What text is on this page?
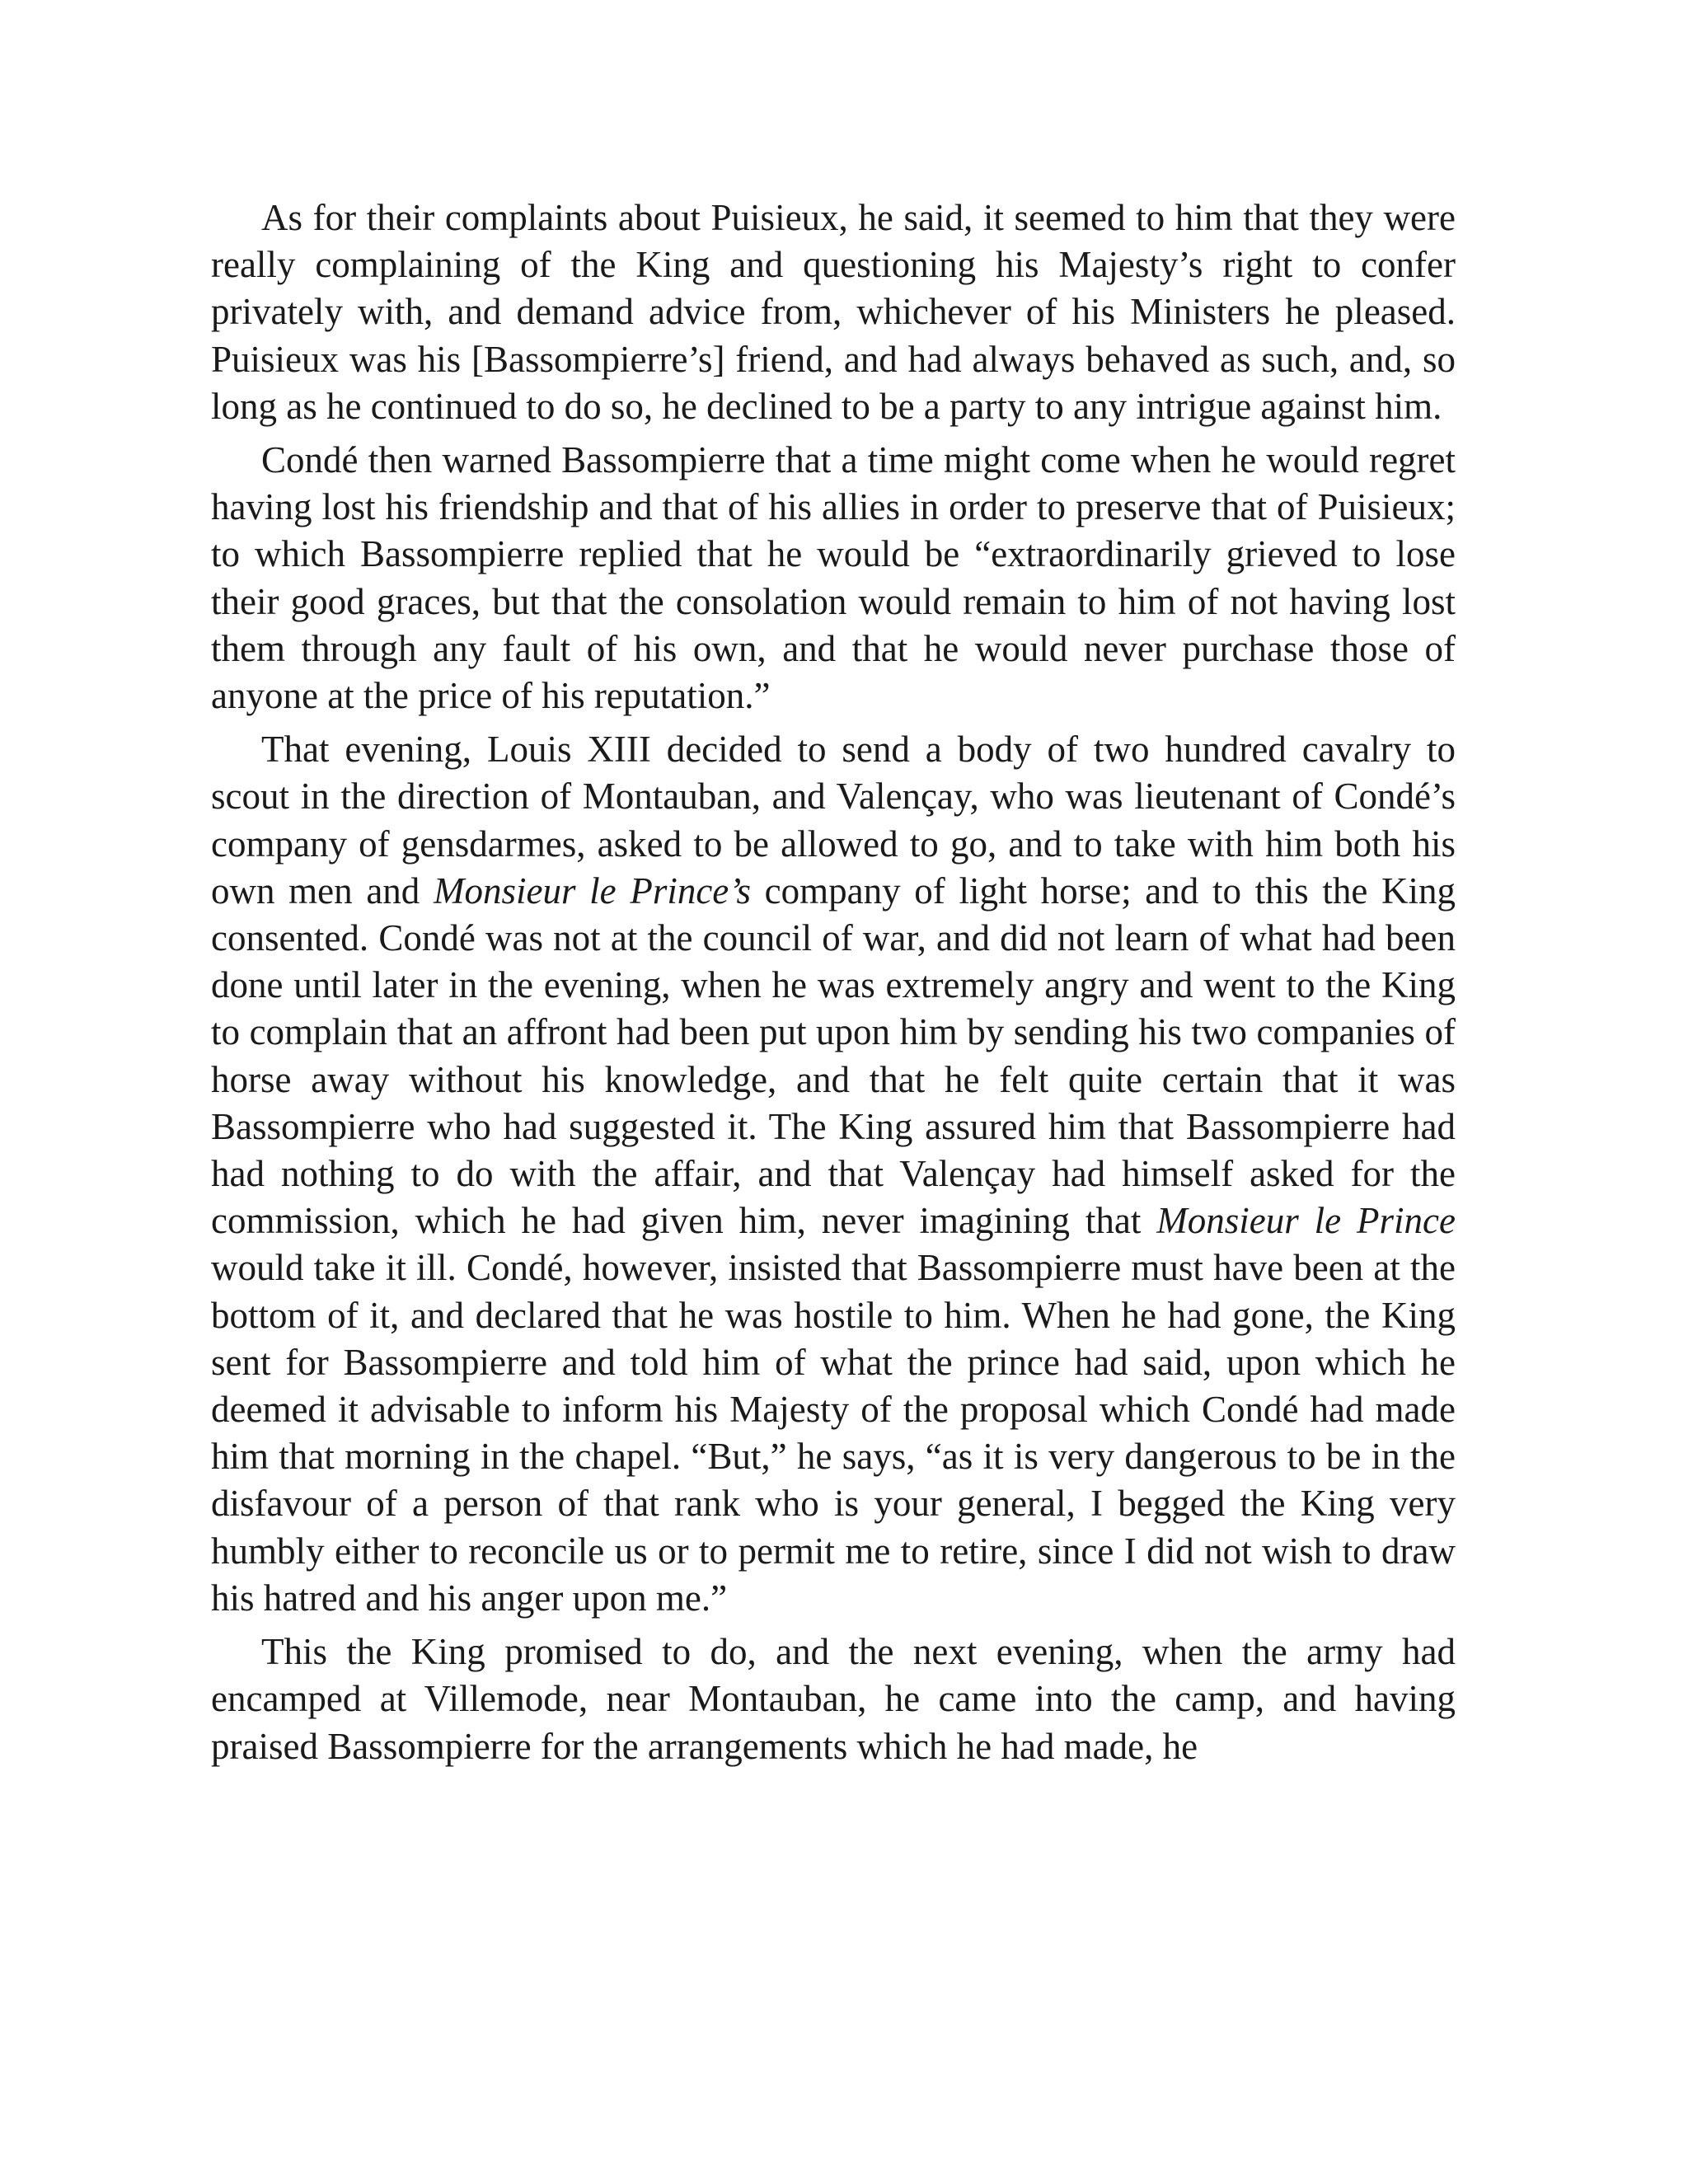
As for their complaints about Puisieux, he said, it seemed to him that they were really complaining of the King and questioning his Majesty’s right to confer privately with, and demand advice from, whichever of his Ministers he pleased. Puisieux was his [Bassompierre’s] friend, and had always behaved as such, and, so long as he continued to do so, he declined to be a party to any intrigue against him.

Condé then warned Bassompierre that a time might come when he would regret having lost his friendship and that of his allies in order to preserve that of Puisieux; to which Bassompierre replied that he would be “extraordinarily grieved to lose their good graces, but that the consolation would remain to him of not having lost them through any fault of his own, and that he would never purchase those of anyone at the price of his reputation.”

That evening, Louis XIII decided to send a body of two hundred cavalry to scout in the direction of Montauban, and Valençay, who was lieutenant of Condé’s company of gensdarmes, asked to be allowed to go, and to take with him both his own men and Monsieur le Prince’s company of light horse; and to this the King consented. Condé was not at the council of war, and did not learn of what had been done until later in the evening, when he was extremely angry and went to the King to complain that an affront had been put upon him by sending his two companies of horse away without his knowledge, and that he felt quite certain that it was Bassompierre who had suggested it. The King assured him that Bassompierre had had nothing to do with the affair, and that Valençay had himself asked for the commission, which he had given him, never imagining that Monsieur le Prince would take it ill. Condé, however, insisted that Bassompierre must have been at the bottom of it, and declared that he was hostile to him. When he had gone, the King sent for Bassompierre and told him of what the prince had said, upon which he deemed it advisable to inform his Majesty of the proposal which Condé had made him that morning in the chapel. “But,” he says, “as it is very dangerous to be in the disfavour of a person of that rank who is your general, I begged the King very humbly either to reconcile us or to permit me to retire, since I did not wish to draw his hatred and his anger upon me.”

This the King promised to do, and the next evening, when the army had encamped at Villemode, near Montauban, he came into the camp, and having praised Bassompierre for the arrangements which he had made, he
